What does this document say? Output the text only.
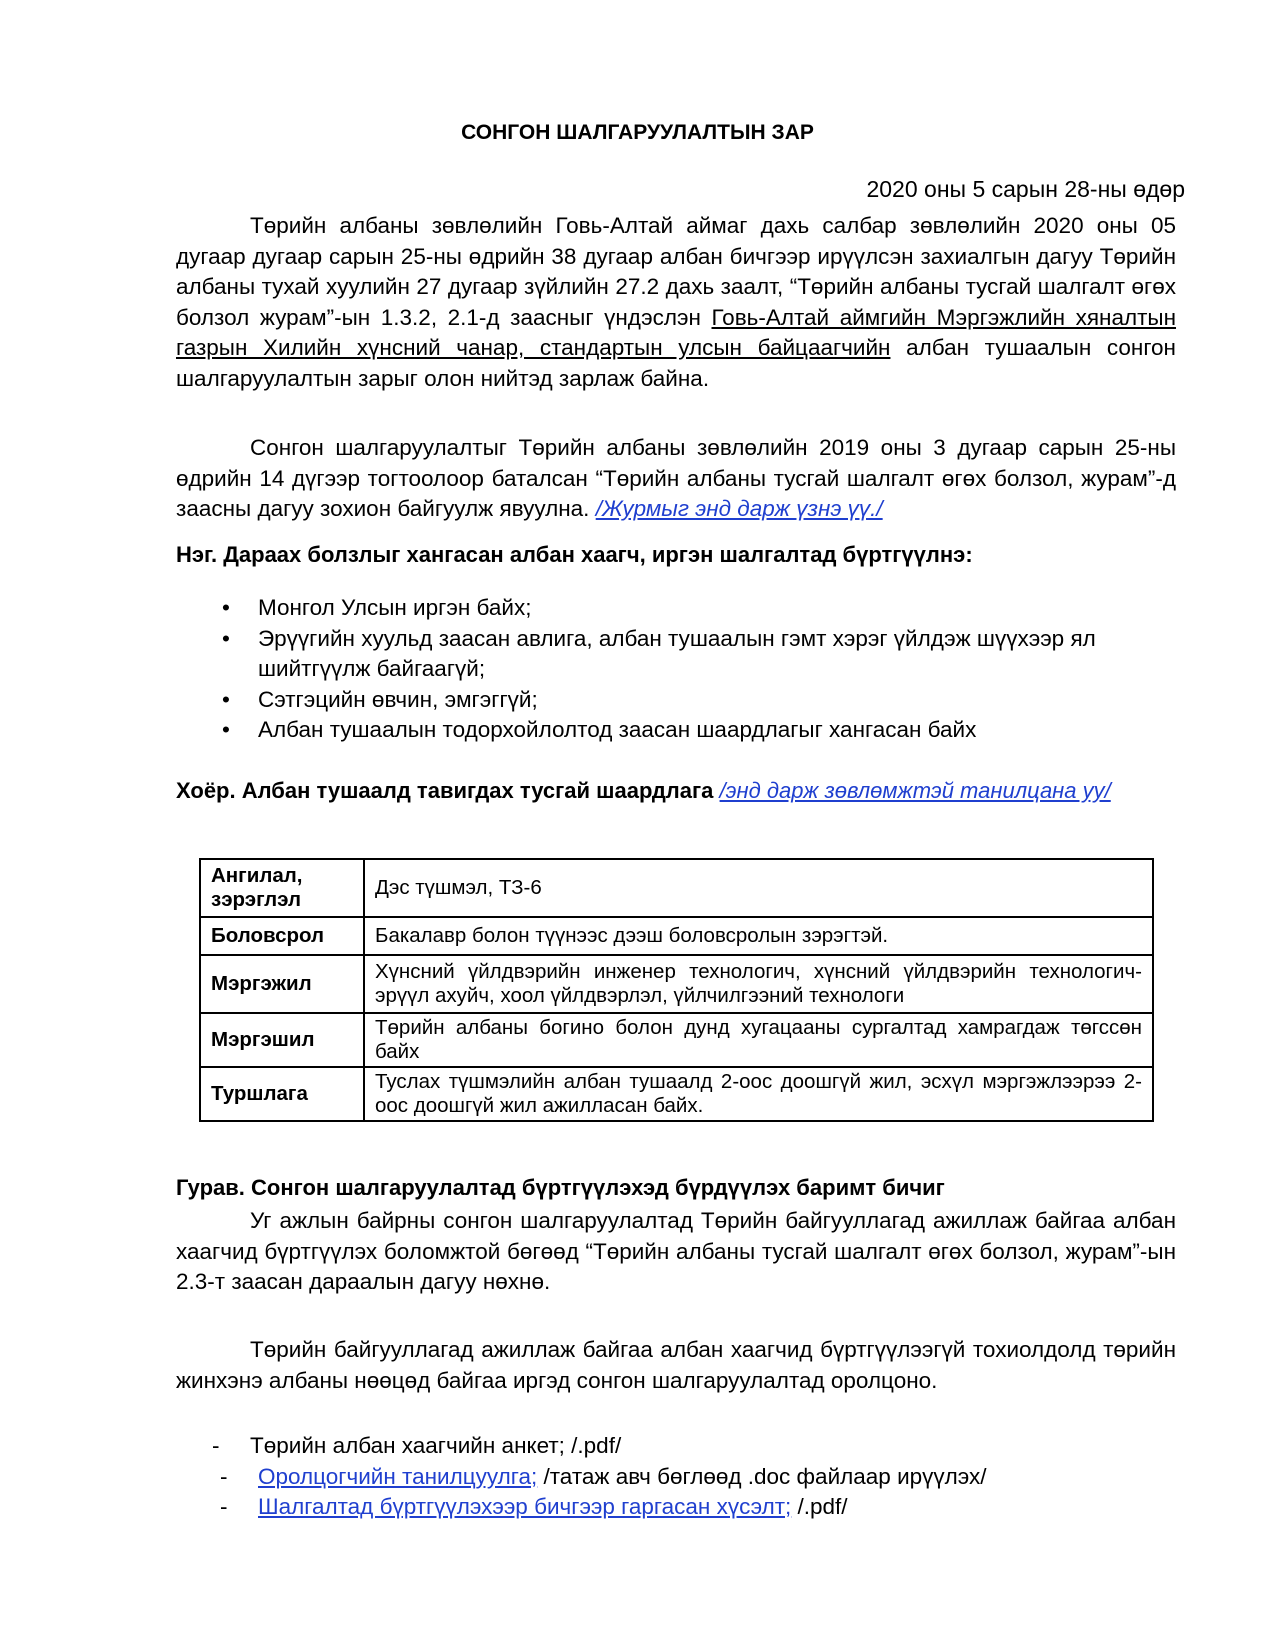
СОНГОН ШАЛГАРУУЛАЛТЫН ЗАР
2020 оны 5 сарын 28-ны өдөр
Төрийн албаны зөвлөлийн Говь-Алтай аймаг дахь салбар зөвлөлийн 2020 оны 05 дугаар дугаар сарын 25-ны өдрийн 38 дугаар албан бичгээр ирүүлсэн захиалгын дагуу Төрийн албаны тухай хуулийн 27 дугаар зүйлийн 27.2 дахь заалт, “Төрийн албаны тусгай шалгалт өгөх болзол журам”-ын 1.3.2, 2.1-д заасныг үндэслэн Говь-Алтай аймгийн Мэргэжлийн хяналтын газрын Хилийн хүнсний чанар, стандартын улсын байцаагчийн албан тушаалын сонгон шалгаруулалтын зарыг олон нийтэд зарлаж байна.
Сонгон шалгаруулалтыг Төрийн албаны зөвлөлийн 2019 оны 3 дугаар сарын 25-ны өдрийн 14 дүгээр тогтоолоор баталсан “Төрийн албаны тусгай шалгалт өгөх болзол, журам”-д заасны дагуу зохион байгуулж явуулна. /Журмыг энд дарж үзнэ үү./
Нэг. Дараах болзлыг хангасан албан хаагч, иргэн шалгалтад бүртгүүлнэ:
• Монгол Улсын иргэн байх;
• Эрүүгийн хуульд заасан авлига, албан тушаалын гэмт хэрэг үйлдэж шүүхээр ял шийтгүүлж байгаагүй;
• Сэтгэцийн өвчин, эмгэггүй;
• Албан тушаалын тодорхойлолтод заасан шаардлагыг хангасан байх
Хоёр. Албан тушаалд тавигдах тусгай шаардлага /энд дарж зөвлөмжтэй танилцана уу/
Ангилал, зэрэглэл	Дэс түшмэл, ТЗ-6
Боловсрол	Бакалавр болон түүнээс дээш боловсролын зэрэгтэй.
Мэргэжил	Хүнсний үйлдвэрийн инженер технологич, хүнсний үйлдвэрийн технологич-эрүүл ахуйч, хоол үйлдвэрлэл, үйлчилгээний технологи
Мэргэшил	Төрийн албаны богино болон дунд хугацааны сургалтад хамрагдаж төгссөн байх
Туршлага	Туслах түшмэлийн албан тушаалд 2-оос доошгүй жил, эсхүл мэргэжлээрээ 2-оос доошгүй жил ажилласан байх.
Гурав. Сонгон шалгаруулалтад бүртгүүлэхэд бүрдүүлэх баримт бичиг
Уг ажлын байрны сонгон шалгаруулалтад Төрийн байгууллагад ажиллаж байгаа албан хаагчид бүртгүүлэх боломжтой бөгөөд “Төрийн албаны тусгай шалгалт өгөх болзол, журам”-ын 2.3-т заасан дараалын дагуу нөхнө.
Төрийн байгууллагад ажиллаж байгаа албан хаагчид бүртгүүлээгүй тохиолдолд төрийн жинхэнэ албаны нөөцөд байгаа иргэд сонгон шалгаруулалтад оролцоно.
- Төрийн албан хаагчийн анкет; /.pdf/
- Оролцогчийн танилцуулга; /татаж авч бөглөөд .doc файлаар ирүүлэх/
- Шалгалтад бүртгүүлэхээр бичгээр гаргасан хүсэлт; /.pdf/
